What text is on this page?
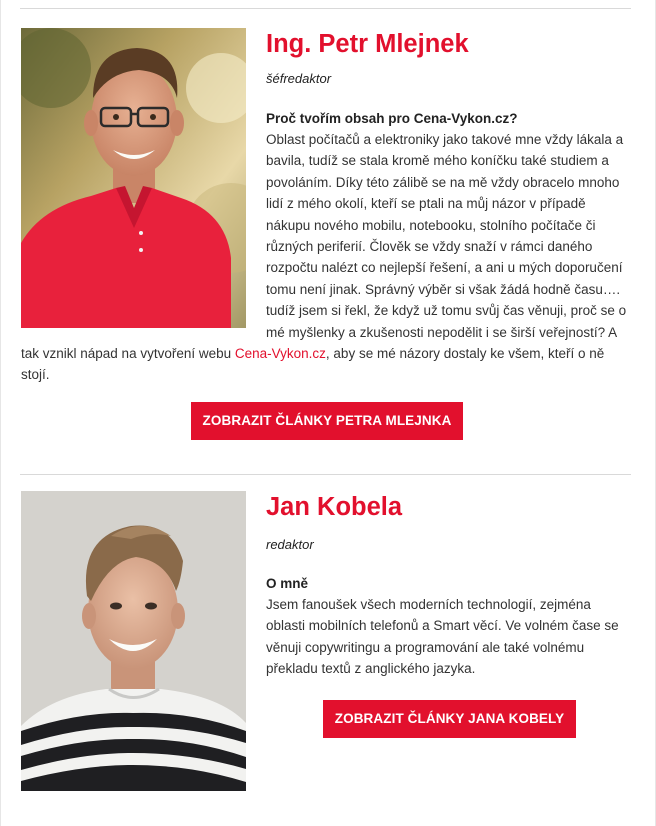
Ing. Petr Mlejnek
šéfredaktor
Proč tvořím obsah pro Cena-Vykon.cz?
Oblast počítačů a elektroniky jako takové mne vždy lákala a bavila, tudíž se stala kromě mého koníčku také studiem a povoláním. Díky této zálibě se na mě vždy obracelo mnoho lidí z mého okolí, kteří se ptali na můj názor v případě nákupu nového mobilu, notebooku, stolního počítače či různých periferií. Člověk se vždy snaží v rámci daného rozpočtu nalézt co nejlepší řešení, a ani u mých doporučení tomu není jinak. Správný výběr si však žádá hodně času…. tudíž jsem si řekl, že když už tomu svůj čas věnuji, proč se o mé myšlenky a zkušenosti nepodělit i se širší veřejností? A tak vznikl nápad na vytvoření webu Cena-Vykon.cz, aby se mé názory dostaly ke všem, kteří o ně stojí.
ZOBRAZIT ČLÁNKY PETRA MLEJNKA
Jan Kobela
redaktor
O mně
Jsem fanoušek všech moderních technologií, zejména oblasti mobilních telefonů a Smart věcí. Ve volném čase se věnuji copywritingu a programování ale také volnému překladu textů z anglického jazyka.
ZOBRAZIT ČLÁNKY JANA KOBELY
